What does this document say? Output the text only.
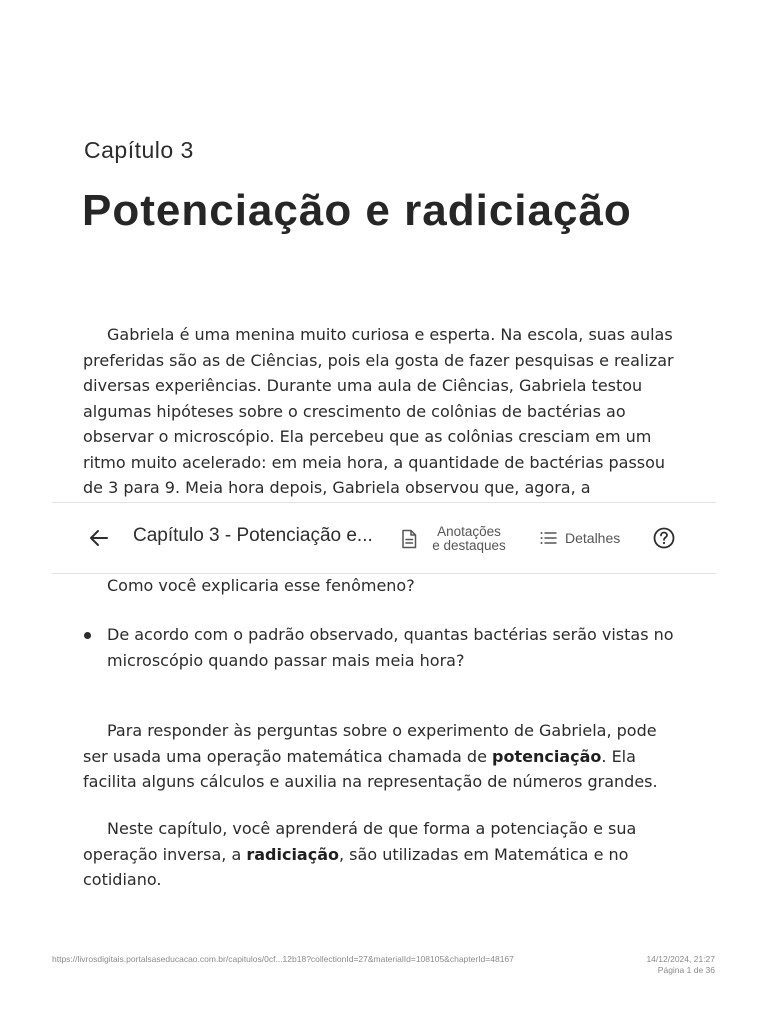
Capítulo 3
Potenciação e radiciação

Gabriela é uma menina muito curiosa e esperta. Na escola, suas aulas preferidas são as de Ciências, pois ela gosta de fazer pesquisas e realizar diversas experiências. Durante uma aula de Ciências, Gabriela testou algumas hipóteses sobre o crescimento de colônias de bactérias ao observar o microscópio. Ela percebeu que as colônias cresciam em um ritmo muito acelerado: em meia hora, a quantidade de bactérias passou de 3 para 9. Meia hora depois, Gabriela observou que, agora, a

Como você explicaria esse fenômeno?

De acordo com o padrão observado, quantas bactérias serão vistas no microscópio quando passar mais meia hora?

Para responder às perguntas sobre o experimento de Gabriela, pode ser usada uma operação matemática chamada de potenciação. Ela facilita alguns cálculos e auxilia na representação de números grandes.

Neste capítulo, você aprenderá de que forma a potenciação e sua operação inversa, a radiciação, são utilizadas em Matemática e no cotidiano.

Capítulo 3 - Potenciação e...	Anotações
e destaques	Detalhes
https://livrosdigitais.portalsaseducacao.com.br/capitulos/0cf...12b18?collectionId=27&materialId=108105&chapterId=48167	14/12/2024, 21:27
Página 1 de 36
